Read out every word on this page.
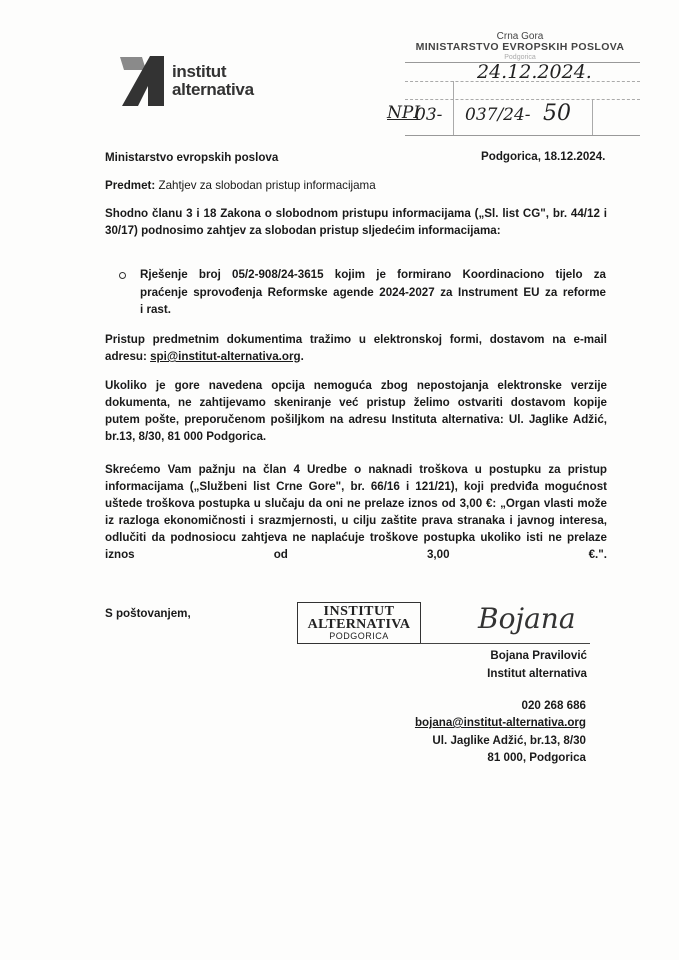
institut
alternativa
Crna Gora
MINISTARSTVO EVROPSKIH POSLOVA
Podgorica
24.12.2024.
NPI
03- 037/24- 50
Ministarstvo evropskih poslova	Podgorica, 18.12.2024.
Predmet: Zahtjev za slobodan pristup informacijama
Shodno članu 3 i 18 Zakona o slobodnom pristupu informacijama („Sl. list CG", br. 44/12 i
30/17) podnosimo zahtjev za slobodan pristup sljedećim informacijama:
Rješenje broj 05/2-908/24-3615 kojim je formirano Koordinaciono tijelo za
praćenje sprovođenja Reformske agende 2024-2027 za Instrument EU za reforme
i rast.
Pristup predmetnim dokumentima tražimo u elektronskoj formi, dostavom na e-mail
adresu: spi@institut-alternativa.org.
Ukoliko je gore navedena opcija nemoguća zbog nepostojanja elektronske verzije
dokumenta, ne zahtijevamo skeniranje već pristup želimo ostvariti dostavom kopije
putem pošte, preporučenom pošiljkom na adresu Instituta alternativa: Ul. Jaglike Adžić,
br.13, 8/30, 81 000 Podgorica.
Skrećemo Vam pažnju na član 4 Uredbe o naknadi troškova u postupku za pristup
informacijama („Službeni list Crne Gore", br. 66/16 i 121/21), koji predviđa mogućnost
uštede troškova postupka u slučaju da oni ne prelaze iznos od 3,00 €: „Organ vlasti može
iz razloga ekonomičnosti i srazmjernosti, u cilju zaštite prava stranaka i javnog interesa,
odlučiti da podnosiocu zahtjeva ne naplaćuje troškove postupka ukoliko isti ne prelaze
iznos od 3,00 €.".
S poštovanjem,	INSTITUT
ALTERNATIVA
PODGORICA
Bojana
Bojana Pravilović
Institut alternativa
020 268 686
bojana@institut-alternativa.org
Ul. Jaglike Adžić, br.13, 8/30
81 000, Podgorica
